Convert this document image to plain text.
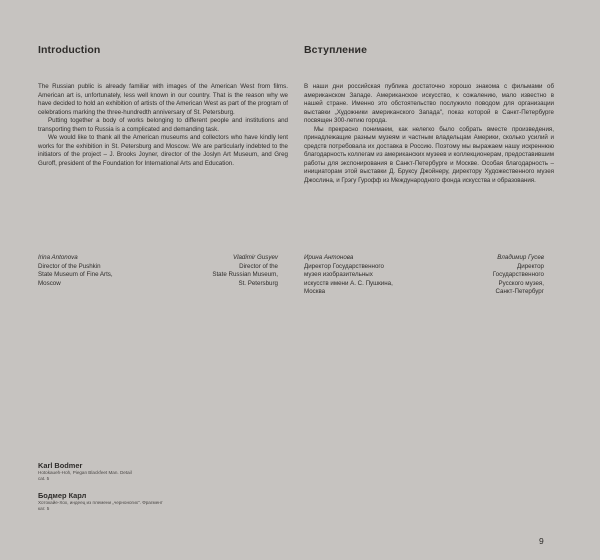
Introduction

The Russian public is already familiar with images of the American West from films. American art is, unfortunately, less well known in our country. That is the reason why we have decided to hold an exhibition of artists of the American West as part of the program of celebrations marking the three-hundredth anniversary of St. Petersburg.

Putting together a body of works belonging to different people and institutions and transporting them to Russia is a complicated and demanding task.

We would like to thank all the American museums and collectors who have kindly lent works for the exhibition in St. Petersburg and Moscow. We are particularly indebted to the initiators of the project – J. Brooks Joyner, director of the Joslyn Art Museum, and Greg Guroff, president of the Foundation for International Arts and Education.

Irina Antonova
Director of the Pushkin
State Museum of Fine Arts,
Moscow
Vladimir Gusyev
Director of the
State Russian Museum,
St. Petersburg
Вступление

В наши дни российская публика достаточно хорошо знакома с фильмами об американском Западе. Американское искусство, к сожалению, мало известно в нашей стране. Именно это обстоятельство послужило поводом для организации выставки „Художники американского Запада", показ которой в Санкт-Петербурге посвящен 300-летию города.

Мы прекрасно понимаем, как нелегко было собрать вместе произведения, принадлежащие разным музеям и частным владельцам Америки, сколько усилий и средств потребовала их доставка в Россию. Поэтому мы выражаем нашу искреннюю благодарность коллегам из американских музеев и коллекционерам, предоставившим работы для экспонирования в Санкт-Петербурге и Москве. Особая благодарность – инициаторам этой выставки Д. Бруксу Джойнеру, директору Художественного музея Джослина, и Грэгу Гурофф из Международного фонда искусства и образования.

Ирина Антонова
Директор Государственного
музея изобразительных
искусств имени А. С. Пушкина,
Москва
Владимир Гусев
Директор
Государственного
Русского музея,
Санкт-Петербург
Karl Bodmer
Hotokaueh-Hoh, Piegan Blackfeet Man. Detail
cat. 5
Бодмер Карл
Хотокайе-Хох, индеец из племени „черноногих". Фрагмент
кат. 5
9
